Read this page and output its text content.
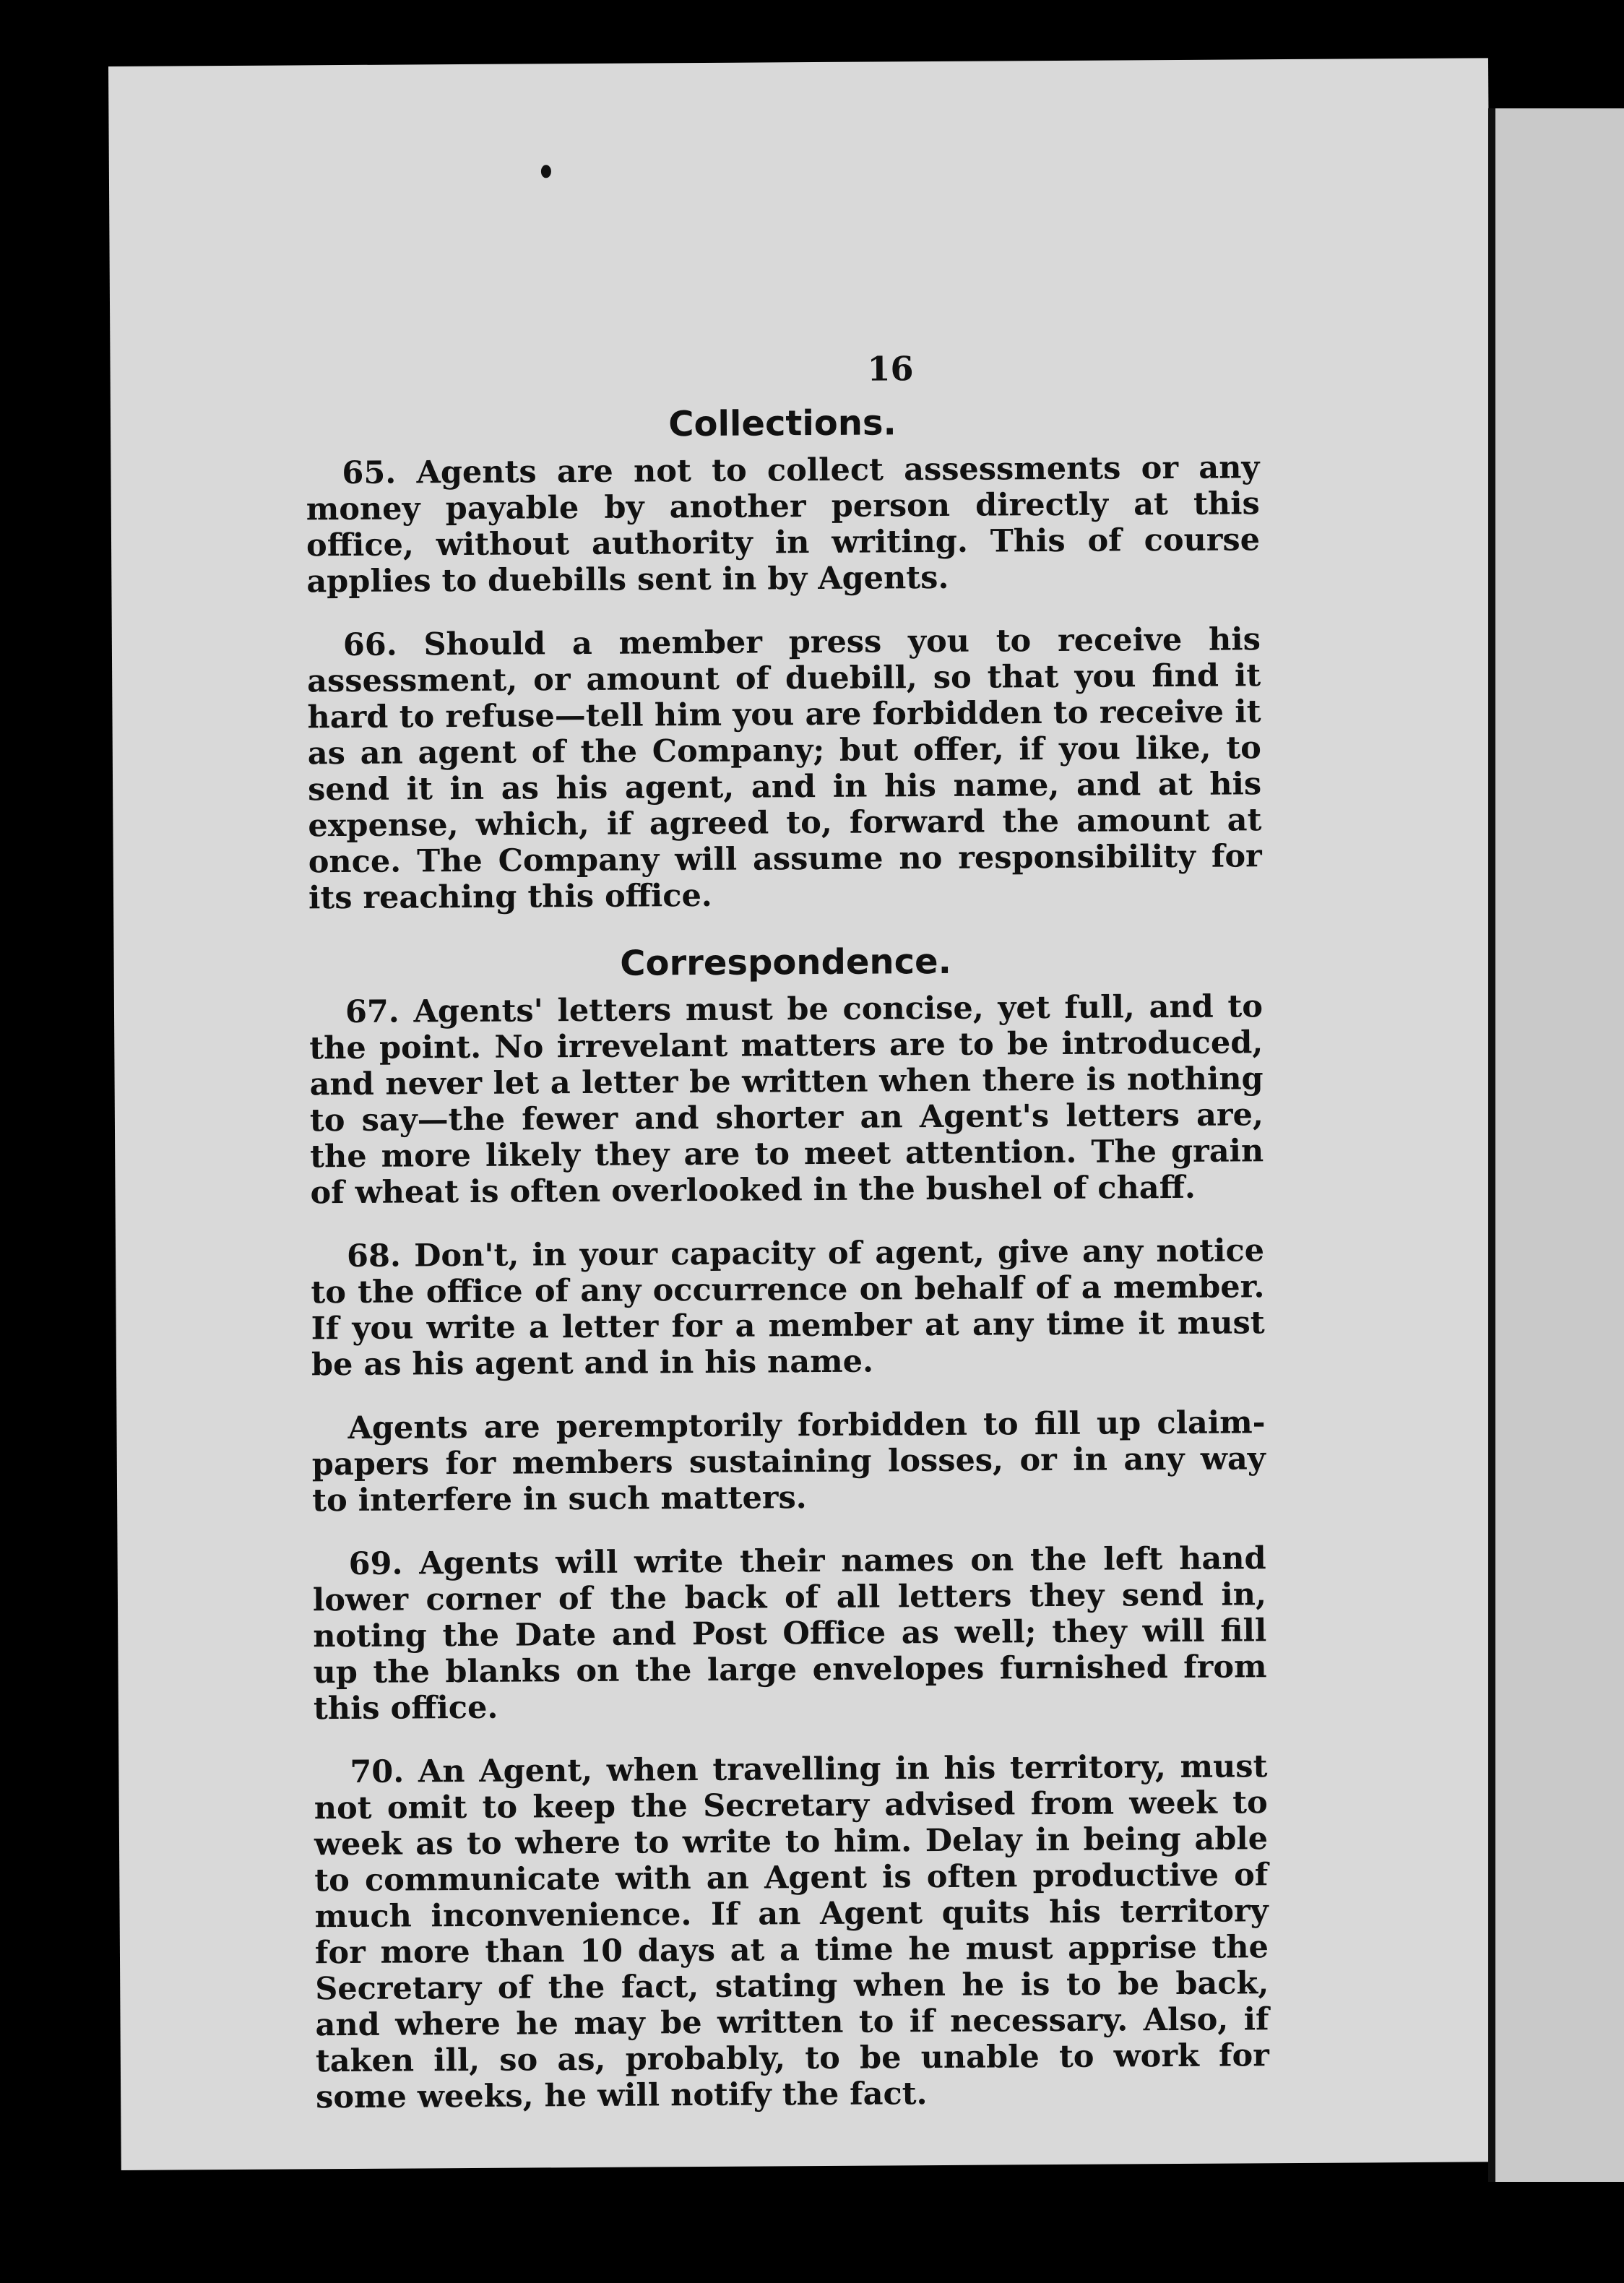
16
Collections.

65. Agents are not to collect assessments or any money payable by another person directly at this office, without authority in writing. This of course applies to duebills sent in by Agents.

66. Should a member press you to receive his assessment, or amount of duebill, so that you find it hard to refuse—tell him you are forbidden to receive it as an agent of the Company; but offer, if you like, to send it in as his agent, and in his name, and at his expense, which, if agreed to, forward the amount at once. The Company will assume no responsibility for its reaching this office.

Correspondence.

67. Agents' letters must be concise, yet full, and to the point. No irrevelant matters are to be introduced, and never let a letter be written when there is nothing to say—the fewer and shorter an Agent's letters are, the more likely they are to meet attention. The grain of wheat is often overlooked in the bushel of chaff.

68. Don't, in your capacity of agent, give any notice to the office of any occurrence on behalf of a member. If you write a letter for a member at any time it must be as his agent and in his name.

Agents are peremptorily forbidden to fill up claim-papers for members sustaining losses, or in any way to interfere in such matters.

69. Agents will write their names on the left hand lower corner of the back of all letters they send in, noting the Date and Post Office as well; they will fill up the blanks on the large envelopes furnished from this office.

70. An Agent, when travelling in his territory, must not omit to keep the Secretary advised from week to week as to where to write to him. Delay in being able to communicate with an Agent is often productive of much inconvenience. If an Agent quits his territory for more than 10 days at a time he must apprise the Secretary of the fact, stating when he is to be back, and where he may be written to if necessary. Also, if taken ill, so as, probably, to be unable to work for some weeks, he will notify the fact.
